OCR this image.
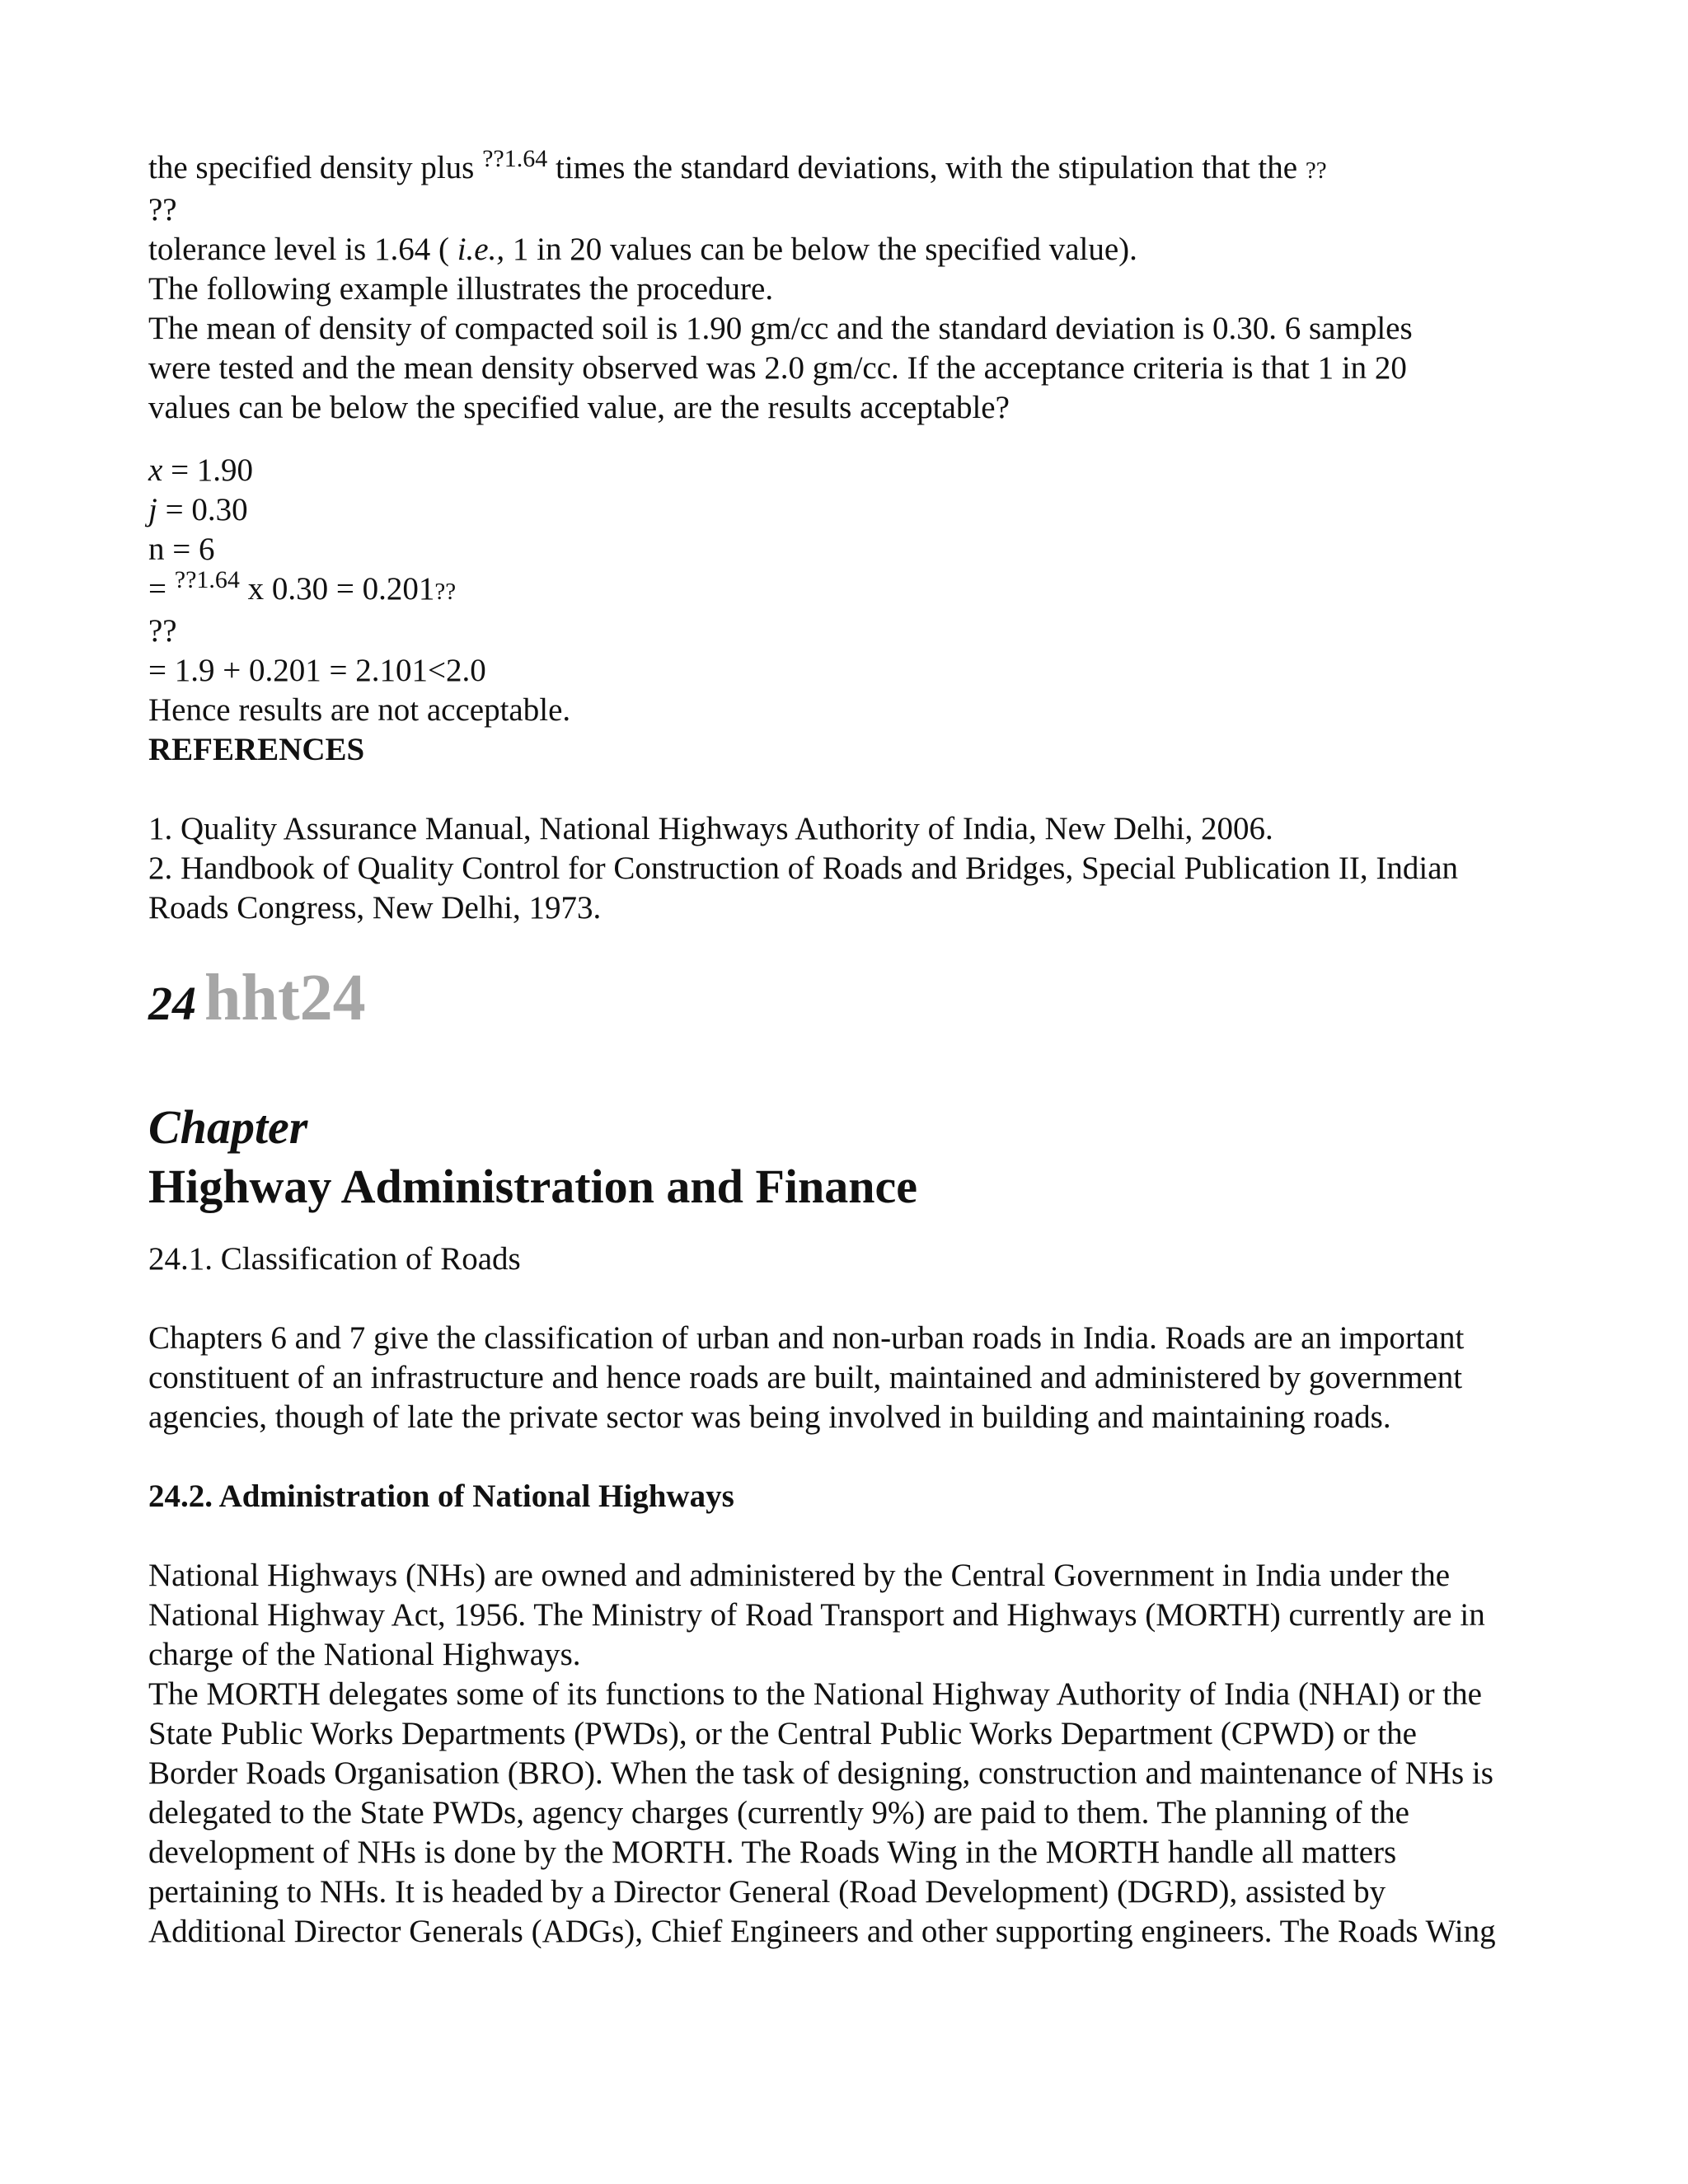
the specified density plus $^{??1.64}$ times the standard deviations, with the stipulation that the ??
??
tolerance level is 1.64 ( i.e., 1 in 20 values can be below the specified value).
The following example illustrates the procedure.
The mean of density of compacted soil is 1.90 gm/cc and the standard deviation is 0.30. 6 samples
were tested and the mean density observed was 2.0 gm/cc. If the acceptance criteria is that 1 in 20
values can be below the specified value, are the results acceptable?
x = 1.90
j = 0.30
n = 6
= $^{??1.64}$ x 0.30 = 0.201??
??
= 1.9 + 0.201 = 2.101<2.0
Hence results are not acceptable.
REFERENCES
1. Quality Assurance Manual, National Highways Authority of India, New Delhi, 2006.
2. Handbook of Quality Control for Construction of Roads and Bridges, Special Publication II, Indian
Roads Congress, New Delhi, 1973.
24 hht24
Chapter
Highway Administration and Finance
24.1. Classification of Roads
Chapters 6 and 7 give the classification of urban and non-urban roads in India. Roads are an important
constituent of an infrastructure and hence roads are built, maintained and administered by government
agencies, though of late the private sector was being involved in building and maintaining roads.
24.2. Administration of National Highways
National Highways (NHs) are owned and administered by the Central Government in India under the
National Highway Act, 1956. The Ministry of Road Transport and Highways (MORTH) currently are in
charge of the National Highways.
The MORTH delegates some of its functions to the National Highway Authority of India (NHAI) or the
State Public Works Departments (PWDs), or the Central Public Works Department (CPWD) or the
Border Roads Organisation (BRO). When the task of designing, construction and maintenance of NHs is
delegated to the State PWDs, agency charges (currently 9%) are paid to them. The planning of the
development of NHs is done by the MORTH. The Roads Wing in the MORTH handle all matters
pertaining to NHs. It is headed by a Director General (Road Development) (DGRD), assisted by
Additional Director Generals (ADGs), Chief Engineers and other supporting engineers. The Roads Wing
